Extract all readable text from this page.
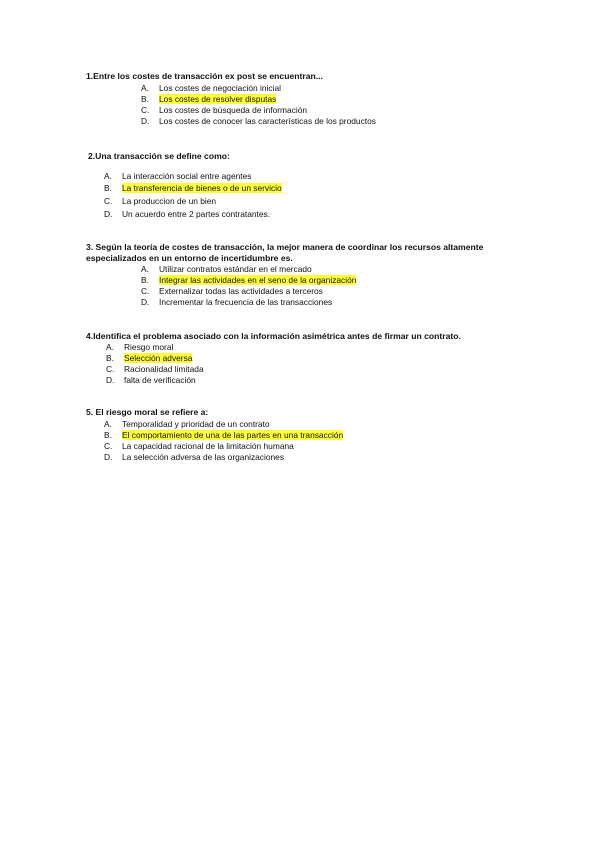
1.Entre los costes de transacción ex post se encuentran...
A. Los costes de negociación inicial
B. Los costes de resolver disputas
C. Los costes de búsqueda de información
D. Los costes de conocer las características de los productos
2.Una transacción se define como:
A. La interacción social entre agentes
B. La transferencia de bienes o de un servicio
C. La produccion de un bien
D. Un acuerdo entre 2 partes contratantes.
3. Según la teoría de costes de transacción, la mejor manera de coordinar los recursos altamente especializados en un entorno de incertidumbre es.
A. Utilizar contratos estándar en el mercado
B. Integrar las actividades en el seno de la organización
C. Externalizar todas las actividades a terceros
D. Incrementar la frecuencia de las transacciones
4.Identifica el problema asociado con la información asimétrica antes de firmar un contrato.
A. Riesgo moral
B. Selección adversa
C. Racionalidad limitada
D. falta de verificación
5. El riesgo moral se refiere a:
A. Temporalidad y prioridad de un contrato
B. El comportamiento de una de las partes en una transacción
C. La capacidad racional de la limitación humana
D. La selección adversa de las organizaciones
